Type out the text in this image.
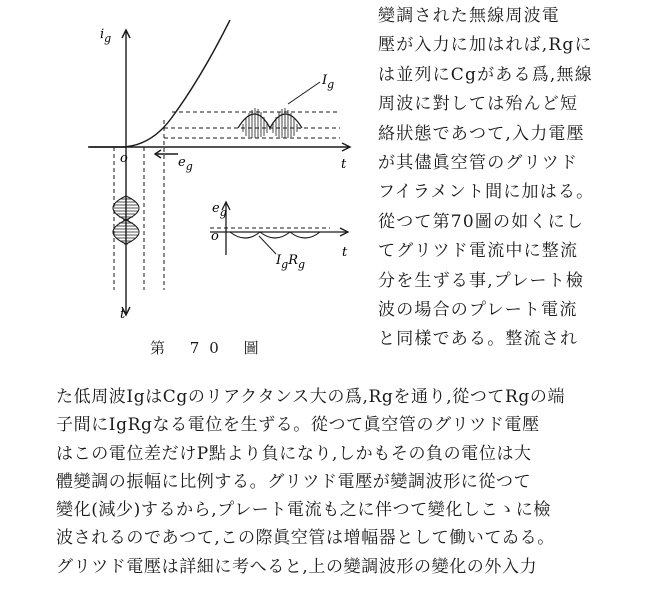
$i_g$
o	$e_g$	t
$I_g$
$e_g$
o
t
$I_gR_g$
t
第 70 圖
變調された無線周波電
壓が入力に加はれば,Rgに
は並列にCgがある爲,無線
周波に對しては殆んど短
絡狀態であつて,入力電壓
が其儘眞空管のグリツド
フイラメント間に加はる。
從つて第70圖の如くにし
てグリツド電流中に整流
分を生ずる事,プレート檢
波の場合のプレート電流
と同樣である。整流され
た低周波IgはCgのリアクタンス大の爲,Rgを通り,從つてRgの端
子間にIgRgなる電位を生ずる。從つて眞空管のグリツド電壓
はこの電位差だけP點より負になり,しかもその負の電位は大
體變調の振幅に比例する。グリツド電壓が變調波形に從つて
變化(減少)するから,プレート電流も之に伴つて變化しこゝに檢
波されるのであつて,この際眞空管は增幅器として働いてゐる。
グリツド電壓は詳細に考へると,上の變調波形の變化の外入力
